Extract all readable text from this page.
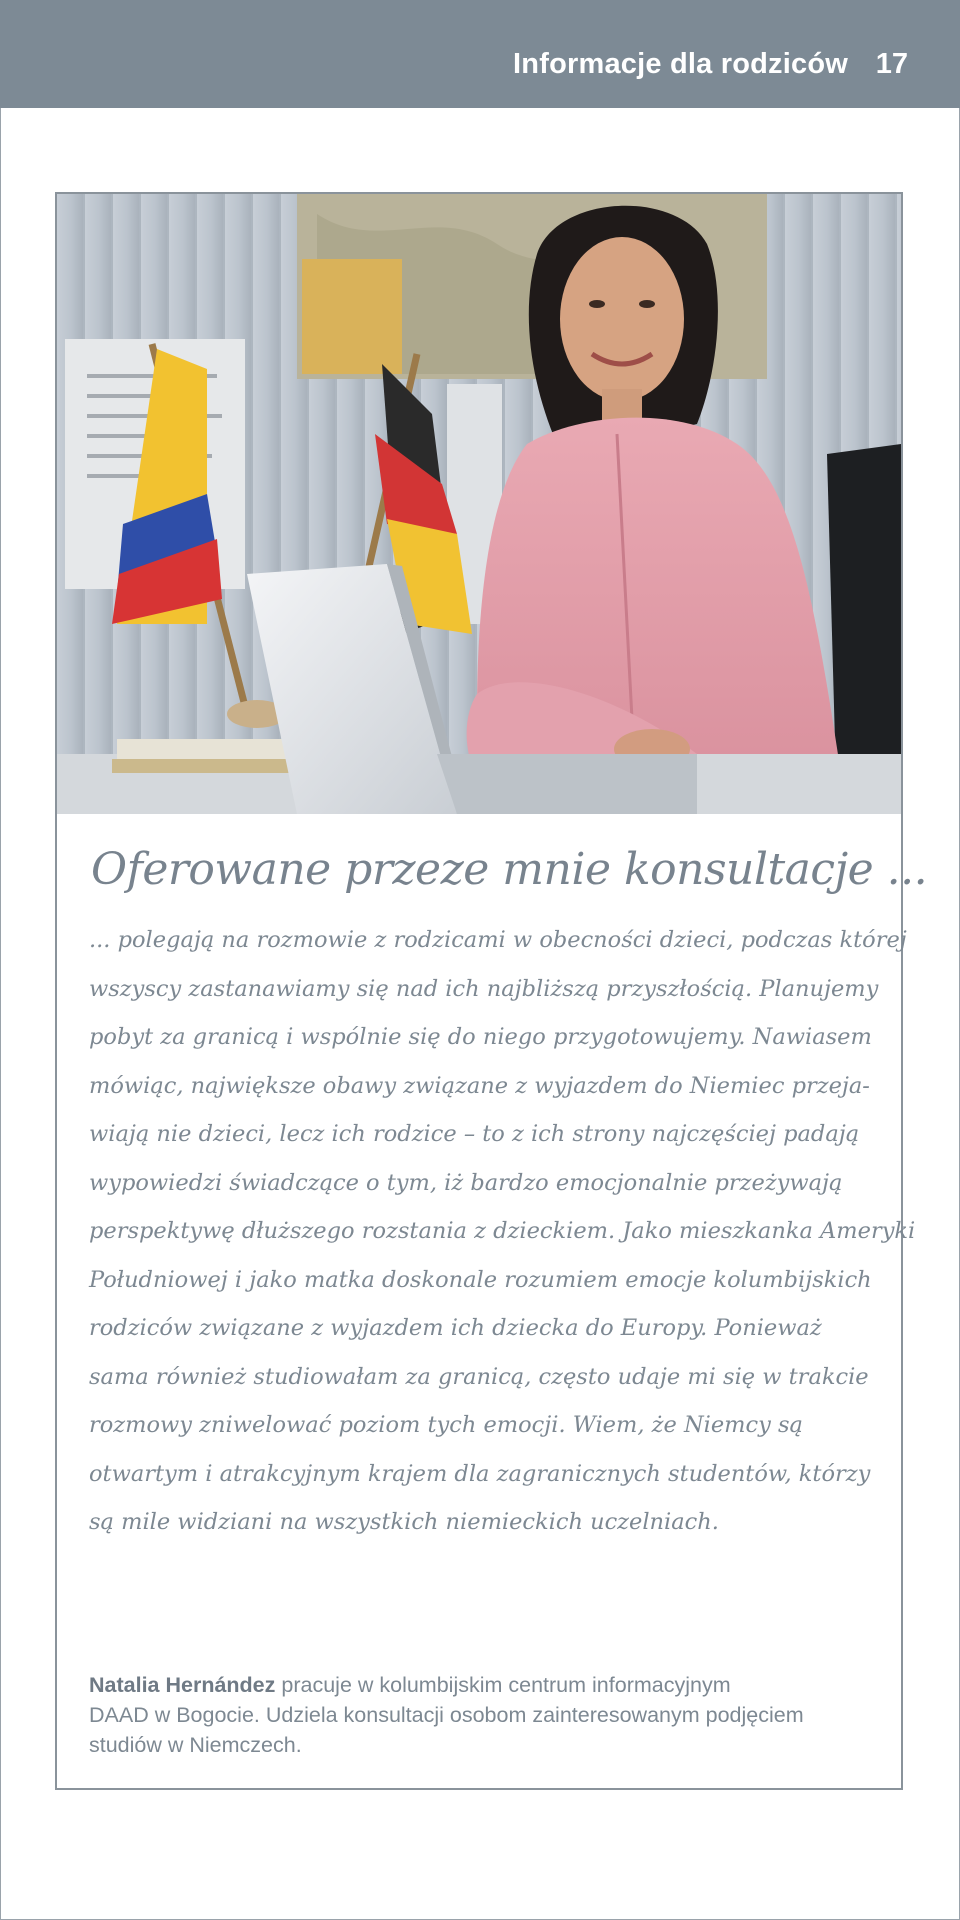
Informacje dla rodziców 17
Oferowane przeze mnie konsultacje ...
... polegają na rozmowie z rodzicami w obecności dzieci, podczas której
wszyscy zastanawiamy się nad ich najbliższą przyszłością. Planujemy
pobyt za granicą i wspólnie się do niego przygotowujemy. Nawiasem
mówiąc, największe obawy związane z wyjazdem do Niemiec przeja-
wiają nie dzieci, lecz ich rodzice – to z ich strony najczęściej padają
wypowiedzi świadczące o tym, iż bardzo emocjonalnie przeżywają
perspektywę dłuższego rozstania z dzieckiem. Jako mieszkanka Ameryki
Południowej i jako matka doskonale rozumiem emocje kolumbijskich
rodziców związane z wyjazdem ich dziecka do Europy. Ponieważ
sama również studiowałam za granicą, często udaje mi się w trakcie
rozmowy zniwelować poziom tych emocji. Wiem, że Niemcy są
otwartym i atrakcyjnym krajem dla zagranicznych studentów, którzy
są mile widziani na wszystkich niemieckich uczelniach.
Natalia Hernández pracuje w kolumbijskim centrum informacyjnym
DAAD w Bogocie. Udziela konsultacji osobom zainteresowanym podjęciem
studiów w Niemczech.
